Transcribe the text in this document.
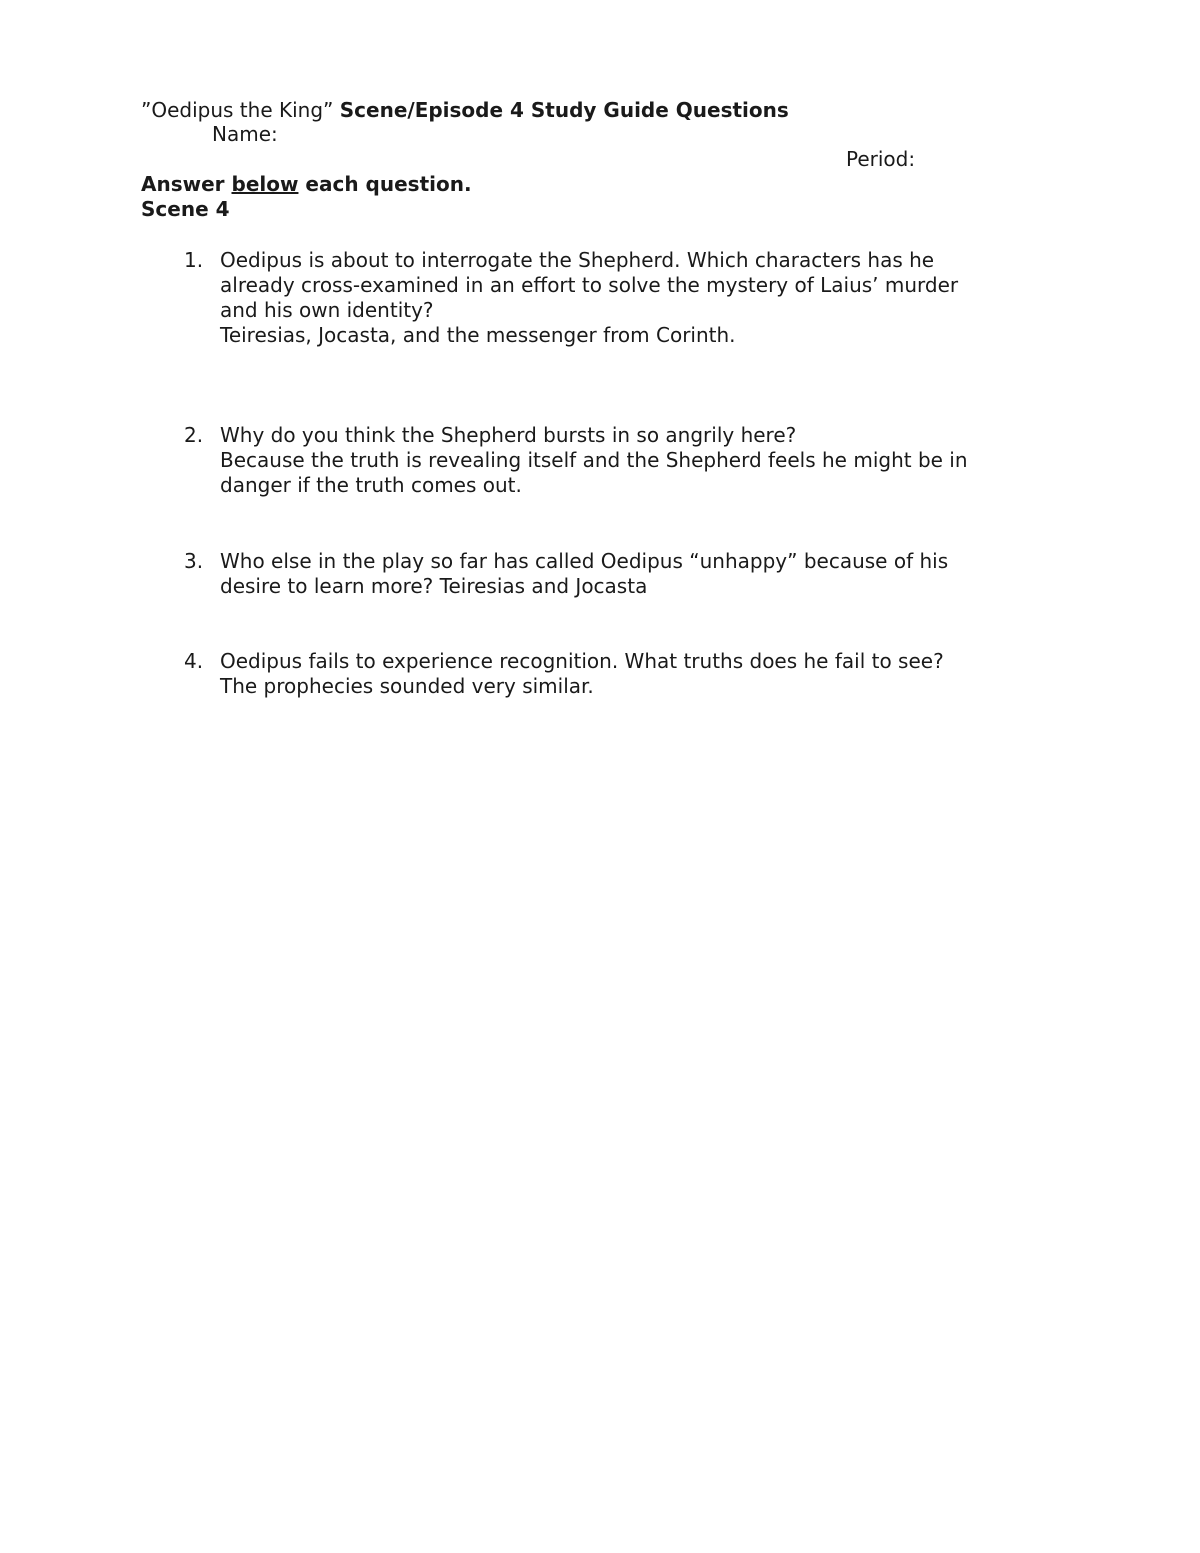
”Oedipus the King” Scene/Episode 4 Study Guide Questions
Name:
Period:
Answer below each question.
Scene 4
1. Oedipus is about to interrogate the Shepherd. Which characters has he

already cross-examined in an effort to solve the mystery of Laius’ murder

and his own identity?

Teiresias, Jocasta, and the messenger from Corinth.

2. Why do you think the Shepherd bursts in so angrily here?

Because the truth is revealing itself and the Shepherd feels he might be in

danger if the truth comes out.

3. Who else in the play so far has called Oedipus “unhappy” because of his

desire to learn more? Teiresias and Jocasta

4. Oedipus fails to experience recognition. What truths does he fail to see?

The prophecies sounded very similar.
